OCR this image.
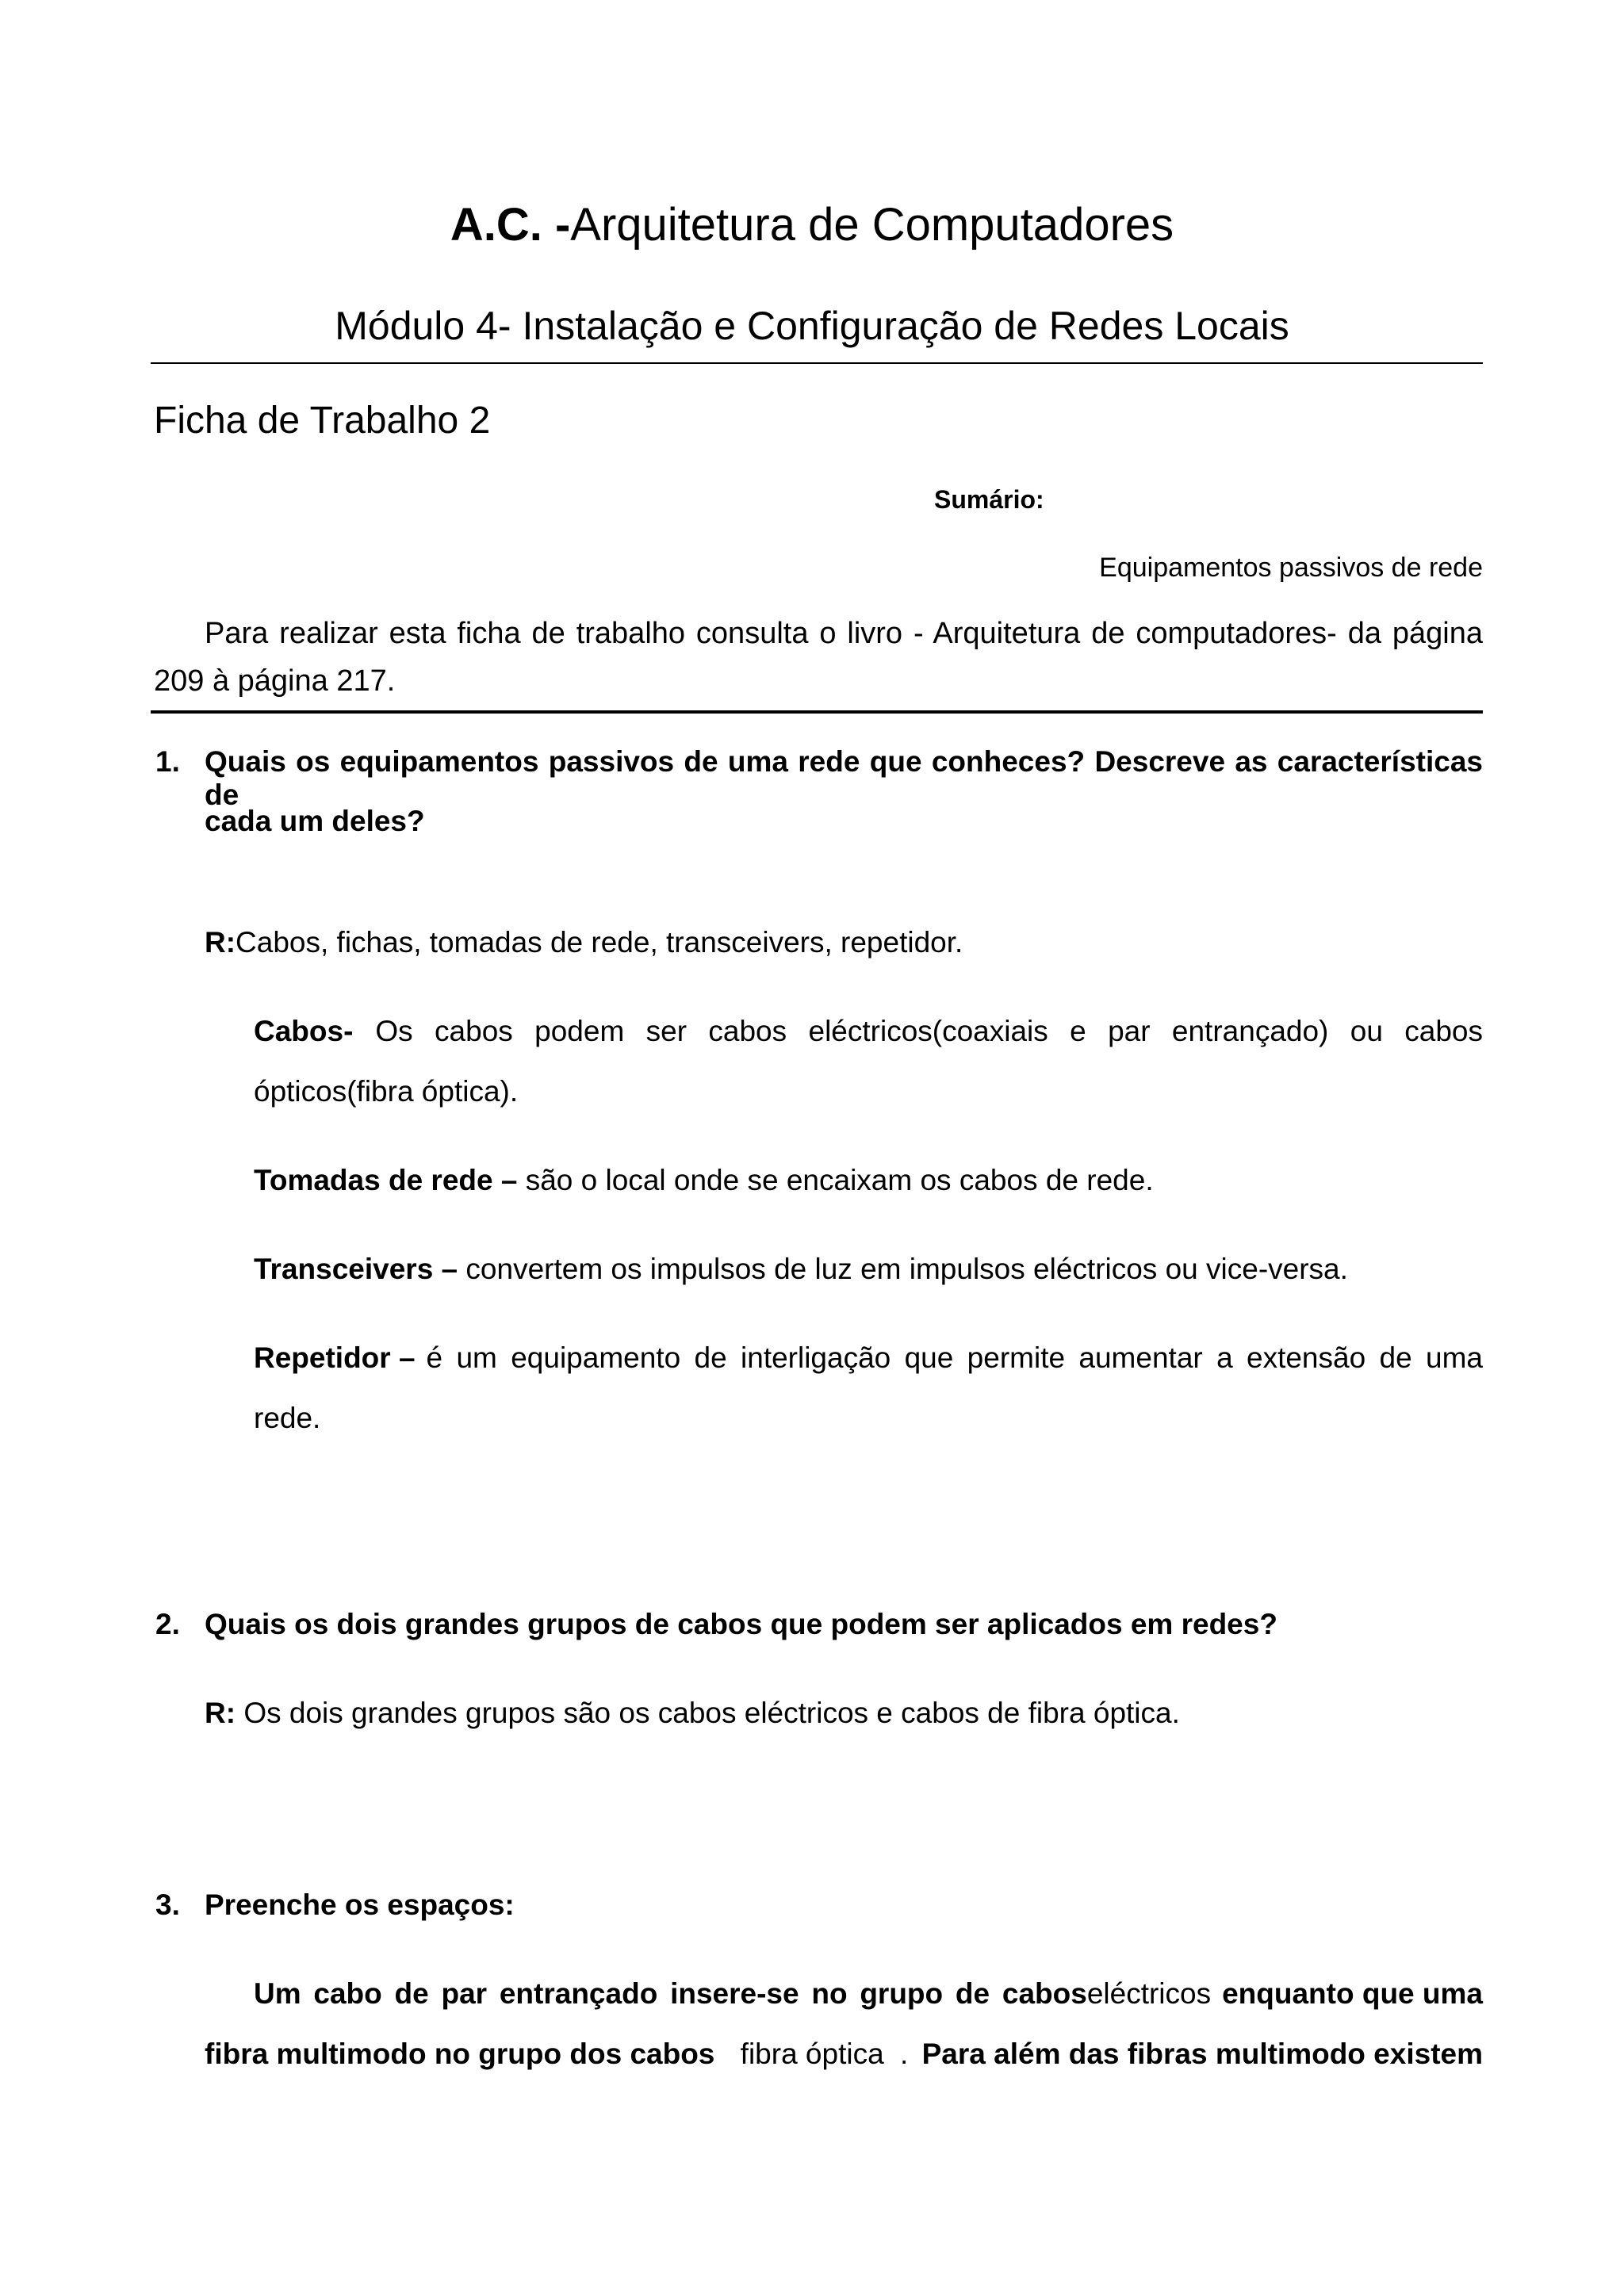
A.C. -Arquitetura de Computadores
Módulo 4- Instalação e Configuração de Redes Locais
Ficha de Trabalho 2
Sumário:
Equipamentos passivos de rede
Para realizar esta ficha de trabalho consulta o livro - Arquitetura de computadores- da página
209 à página 217.
1. Quais os equipamentos passivos de uma rede que conheces? Descreve as características de
cada um deles?
R:Cabos, fichas, tomadas de rede, transceivers, repetidor.
Cabos- Os cabos podem ser cabos eléctricos(coaxiais e par entrançado) ou cabos
ópticos(fibra óptica).
Tomadas de rede – são o local onde se encaixam os cabos de rede.
Transceivers – convertem os impulsos de luz em impulsos eléctricos ou vice-versa.
Repetidor – é um equipamento de interligação que permite aumentar a extensão de uma
rede.
2. Quais os dois grandes grupos de cabos que podem ser aplicados em redes?
R: Os dois grandes grupos são os cabos eléctricos e cabos de fibra óptica.
3. Preenche os espaços:
Um cabo de par entrançado insere-se no grupo de cabos eléctricos enquanto que uma
fibra multimodo no grupo dos cabos fibra óptica . Para além das fibras multimodo existem
